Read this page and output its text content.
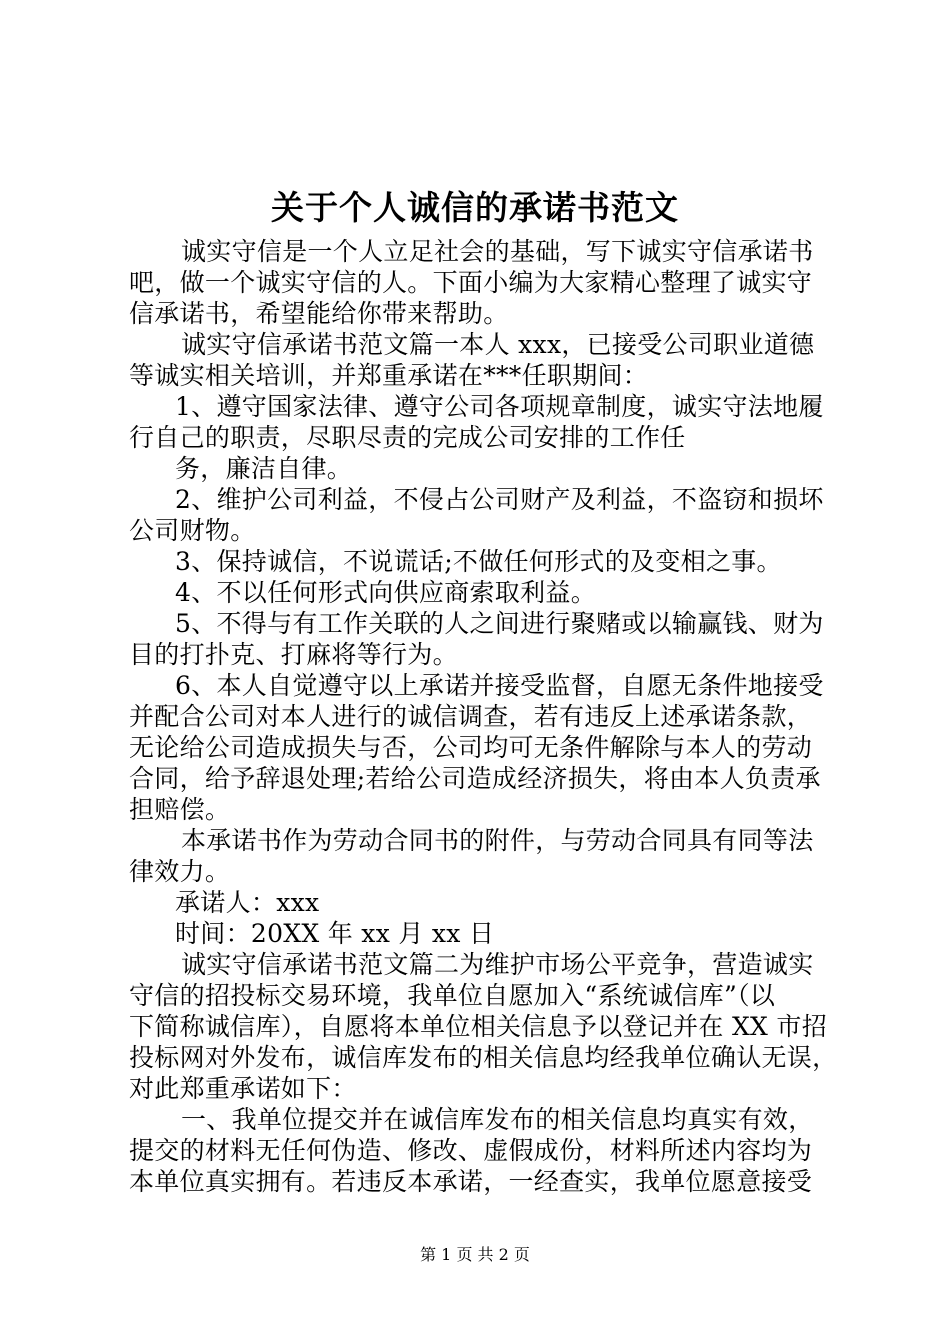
关于个人诚信的承诺书范文
诚实守信是一个人立足社会的基础，写下诚实守信承诺书
吧，做一个诚实守信的人。下面小编为大家精心整理了诚实守
信承诺书，希望能给你带来帮助。
诚实守信承诺书范文篇一本人 xxx，已接受公司职业道德
等诚实相关培训，并郑重承诺在***任职期间：
1、遵守国家法律、遵守公司各项规章制度，诚实守法地履
行自己的职责，尽职尽责的完成公司安排的工作任
务，廉洁自律。
2、维护公司利益，不侵占公司财产及利益，不盗窃和损坏
公司财物。
3、保持诚信，不说谎话;不做任何形式的及变相之事。
4、不以任何形式向供应商索取利益。
5、不得与有工作关联的人之间进行聚赌或以输赢钱、财为
目的打扑克、打麻将等行为。
6、本人自觉遵守以上承诺并接受监督，自愿无条件地接受
并配合公司对本人进行的诚信调查，若有违反上述承诺条款，
无论给公司造成损失与否，公司均可无条件解除与本人的劳动
合同，给予辞退处理;若给公司造成经济损失，将由本人负责承
担赔偿。
本承诺书作为劳动合同书的附件，与劳动合同具有同等法
律效力。
承诺人：xxx
时间：20XX 年 xx 月 xx 日
诚实守信承诺书范文篇二为维护市场公平竞争，营造诚实
守信的招投标交易环境，我单位自愿加入“系统诚信库”（以
下简称诚信库），自愿将本单位相关信息予以登记并在 XX 市招
投标网对外发布，诚信库发布的相关信息均经我单位确认无误，
对此郑重承诺如下：
一、我单位提交并在诚信库发布的相关信息均真实有效，
提交的材料无任何伪造、修改、虚假成份，材料所述内容均为
本单位真实拥有。若违反本承诺，一经查实，我单位愿意接受
第 1 页 共 2 页
